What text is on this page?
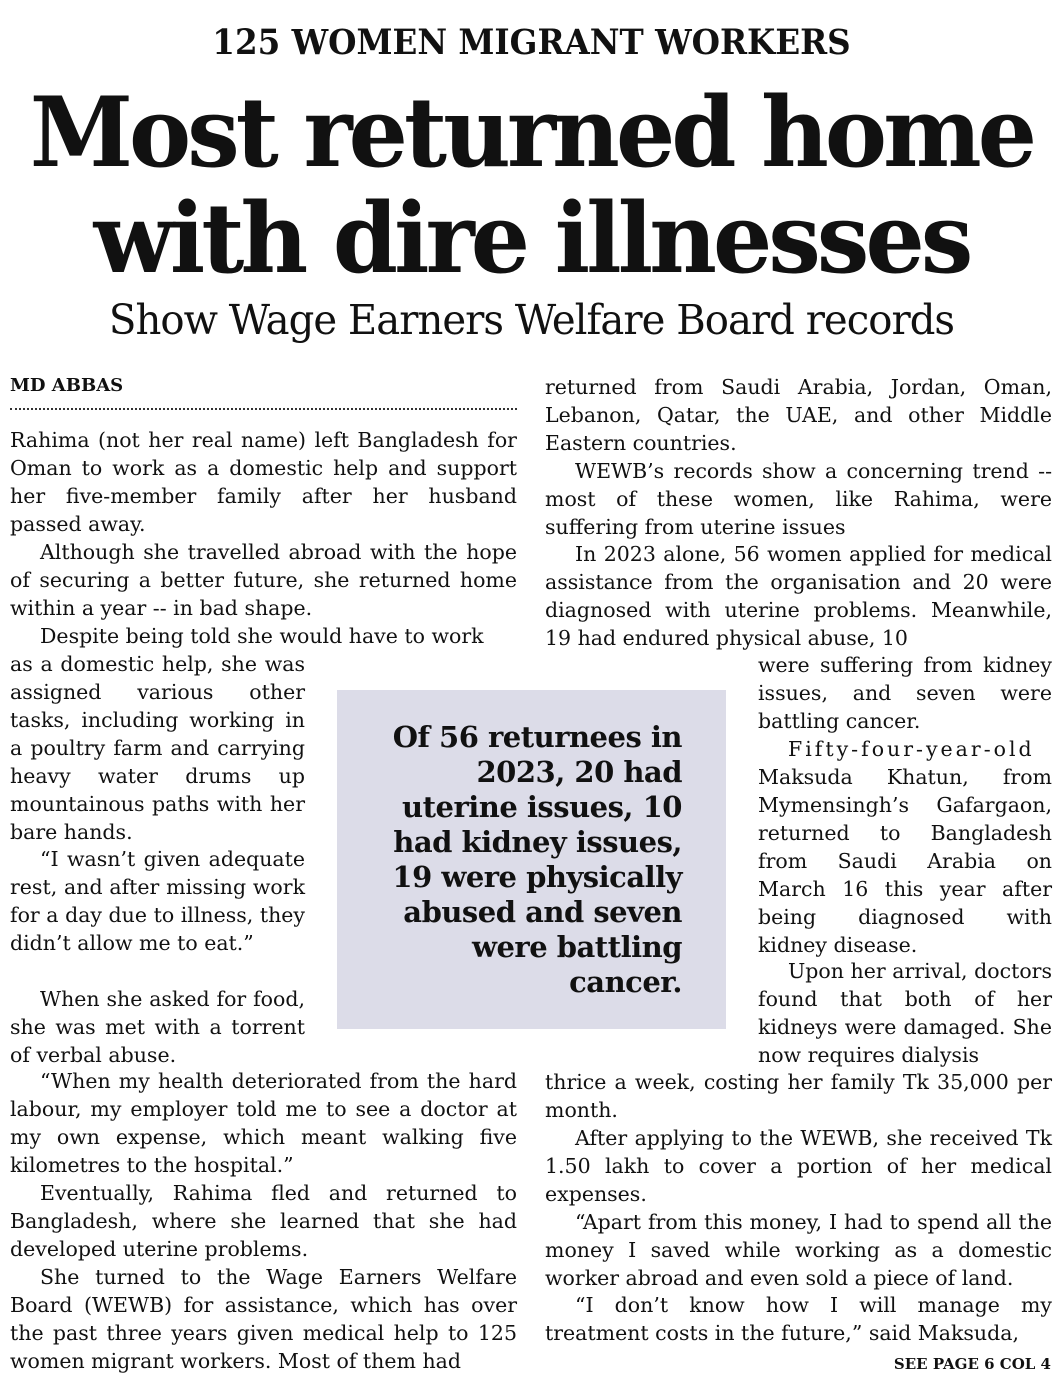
125 WOMEN MIGRANT WORKERS
Most returned home
with dire illnesses
Show Wage Earners Welfare Board records
MD ABBAS

Rahima (not her real name) left Bangladesh for Oman to work as a domestic help and support her five-member family after her husband passed away.

Although she travelled abroad with the hope of securing a better future, she returned home within a year -- in bad shape.

Despite being told she would have to work

as a domestic help, she was assigned various other tasks, including working in a poultry farm and carrying heavy water drums up mountainous paths with her bare hands.

“I wasn’t given adequate rest, and after missing work for a day due to illness, they didn’t allow me to eat.”

When she asked for food, she was met with a torrent of verbal abuse.

“When my health deteriorated from the hard labour, my employer told me to see a doctor at my own expense, which meant walking five kilometres to the hospital.”

Eventually, Rahima fled and returned to Bangladesh, where she learned that she had developed uterine problems.

She turned to the Wage Earners Welfare Board (WEWB) for assistance, which has over the past three years given medical help to 125 women migrant workers. Most of them had

Of 56 returnees in 2023, 20 had uterine issues, 10 had kidney issues, 19 were physically abused and seven were battling cancer.

returned from Saudi Arabia, Jordan, Oman, Lebanon, Qatar, the UAE, and other Middle Eastern countries.

WEWB’s records show a concerning trend -- most of these women, like Rahima, were suffering from uterine issues

In 2023 alone, 56 women applied for medical assistance from the organisation and 20 were diagnosed with uterine problems. Meanwhile, 19 had endured physical abuse, 10

were suffering from kidney issues, and seven were battling cancer.

Fifty-four-year-old

Maksuda Khatun, from Mymensingh’s Gafargaon, returned to Bangladesh from Saudi Arabia on March 16 this year after being diagnosed with kidney disease.

Upon her arrival, doctors found that both of her kidneys were damaged. She now requires dialysis

thrice a week, costing her family Tk 35,000 per month.

After applying to the WEWB, she received Tk 1.50 lakh to cover a portion of her medical expenses.

“Apart from this money, I had to spend all the money I saved while working as a domestic worker abroad and even sold a piece of land.

“I don’t know how I will manage my treatment costs in the future,” said Maksuda,

SEE PAGE 6 COL 4
